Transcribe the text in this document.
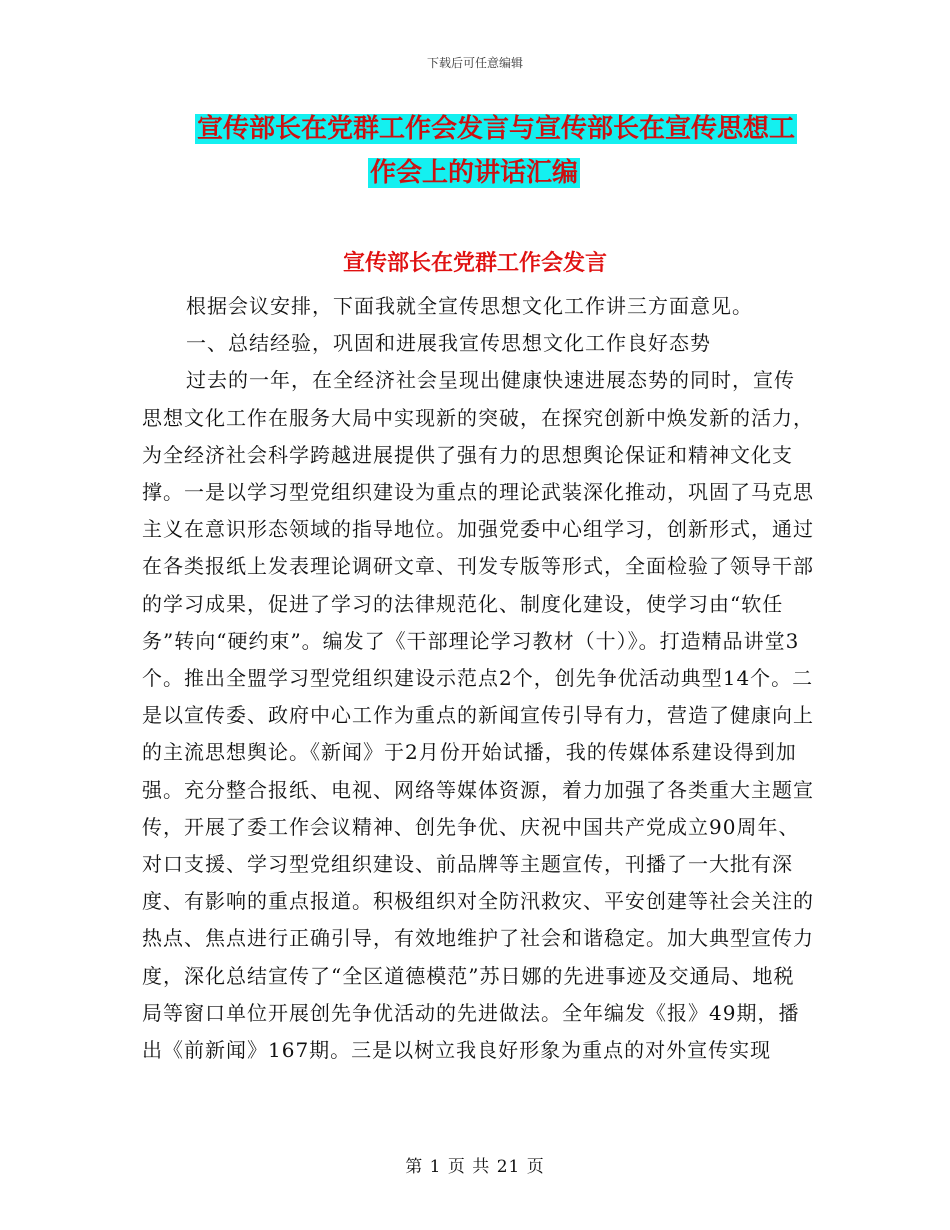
下载后可任意编辑
宣传部长在党群工作会发言与宣传部长在宣传思想工
作会上的讲话汇编
宣传部长在党群工作会发言

根据会议安排，下面我就全宣传思想文化工作讲三方面意见。

一、总结经验，巩固和进展我宣传思想文化工作良好态势

过去的一年，在全经济社会呈现出健康快速进展态势的同时，宣传思想文化工作在服务大局中实现新的突破，在探究创新中焕发新的活力，为全经济社会科学跨越进展提供了强有力的思想舆论保证和精神文化支撑。一是以学习型党组织建设为重点的理论武装深化推动，巩固了马克思主义在意识形态领域的指导地位。加强党委中心组学习，创新形式，通过在各类报纸上发表理论调研文章、刊发专版等形式，全面检验了领导干部的学习成果，促进了学习的法律规范化、制度化建设，使学习由“软任务”转向“硬约束”。编发了《干部理论学习教材（十）》。打造精品讲堂3个。推出全盟学习型党组织建设示范点2个，创先争优活动典型14个。二是以宣传委、政府中心工作为重点的新闻宣传引导有力，营造了健康向上的主流思想舆论。《新闻》于2月份开始试播，我的传媒体系建设得到加强。充分整合报纸、电视、网络等媒体资源，着力加强了各类重大主题宣传，开展了委工作会议精神、创先争优、庆祝中国共产党成立90周年、对口支援、学习型党组织建设、前品牌等主题宣传，刊播了一大批有深度、有影响的重点报道。积极组织对全防汛救灾、平安创建等社会关注的热点、焦点进行正确引导，有效地维护了社会和谐稳定。加大典型宣传力度，深化总结宣传了“全区道德模范”苏日娜的先进事迹及交通局、地税局等窗口单位开展创先争优活动的先进做法。全年编发《报》49期，播出《前新闻》167期。三是以树立我良好形象为重点的对外宣传实现

第 1 页 共 21 页
